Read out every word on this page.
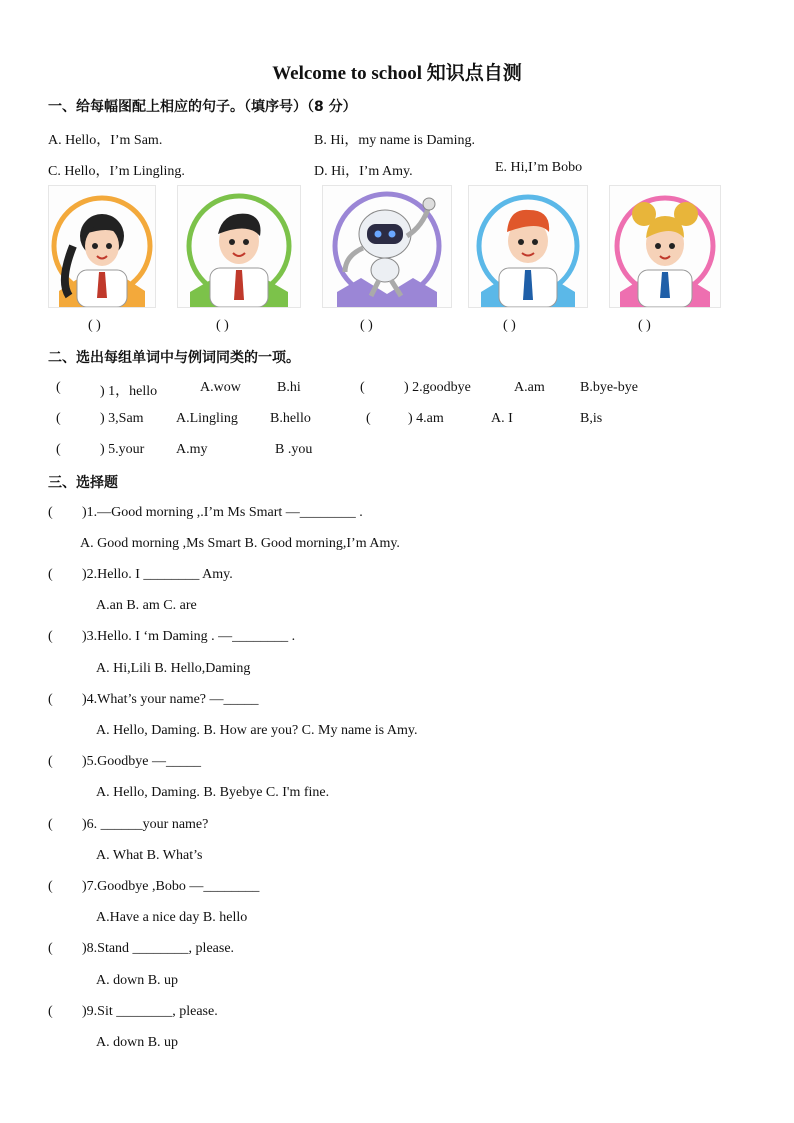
Welcome to school 知识点自测
一、给每幅图配上相应的句子。（填序号）（8 分）
A. Hello，I’m Sam.	B. Hi，my name is Daming.
C. Hello，I’m Lingling.	D. Hi，I’m Amy.	E. Hi,I’m Bobo
( )	( )	( )	( )	( )
二、选出每组单词中与例词同类的一项。
(	) 1，hello	A.wow	B.hi	(	) 2.goodbye	A.am	B.bye-bye
(	) 3,Sam A.Lingling B.hello	(	) 4.am	A. I	B,is
(	) 5.your A.my	B .you
三、选择题
( )1.—Good morning ,.I’m Ms Smart —________ .
A. Good morning ,Ms Smart B. Good morning,I’m Amy.
( )2.Hello. I ________ Amy.
A.an B. am C. are
( )3.Hello. I ‘m Daming . —________ .
A. Hi,Lili B. Hello,Daming
( )4.What’s your name? —_____
A. Hello, Daming. B. How are you? C. My name is Amy.
( )5.Goodbye —_____
A. Hello, Daming. B. Byebye C. I'm fine.
( )6. ______your name?
A. What B. What’s
( )7.Goodbye ,Bobo —________
A.Have a nice day B. hello
( )8.Stand ________, please.
A. down B. up
( )9.Sit ________, please.
A. down B. up
